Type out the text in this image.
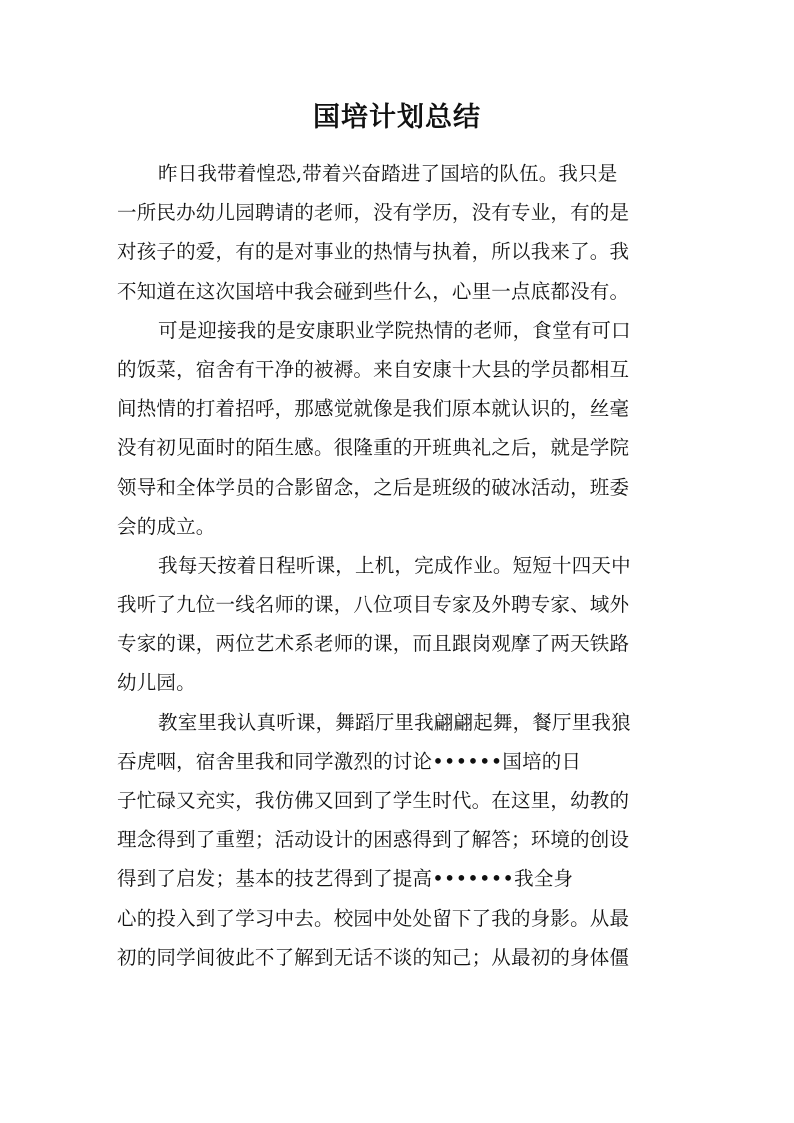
国培计划总结
昨日我带着惶恐,带着兴奋踏进了国培的队伍。我只是
一所民办幼儿园聘请的老师，没有学历，没有专业，有的是
对孩子的爱，有的是对事业的热情与执着，所以我来了。我
不知道在这次国培中我会碰到些什么，心里一点底都没有。
可是迎接我的是安康职业学院热情的老师，食堂有可口
的饭菜，宿舍有干净的被褥。来自安康十大县的学员都相互
间热情的打着招呼，那感觉就像是我们原本就认识的，丝毫
没有初见面时的陌生感。很隆重的开班典礼之后，就是学院
领导和全体学员的合影留念，之后是班级的破冰活动，班委
会的成立。
我每天按着日程听课，上机，完成作业。短短十四天中
我听了九位一线名师的课，八位项目专家及外聘专家、域外
专家的课，两位艺术系老师的课，而且跟岗观摩了两天铁路
幼儿园。
教室里我认真听课，舞蹈厅里我翩翩起舞，餐厅里我狼
吞虎咽，宿舍里我和同学激烈的讨论••••••国培的日
子忙碌又充实，我仿佛又回到了学生时代。在这里，幼教的
理念得到了重塑；活动设计的困惑得到了解答；环境的创设
得到了启发；基本的技艺得到了提高•••••••我全身
心的投入到了学习中去。校园中处处留下了我的身影。从最
初的同学间彼此不了解到无话不谈的知己；从最初的身体僵
